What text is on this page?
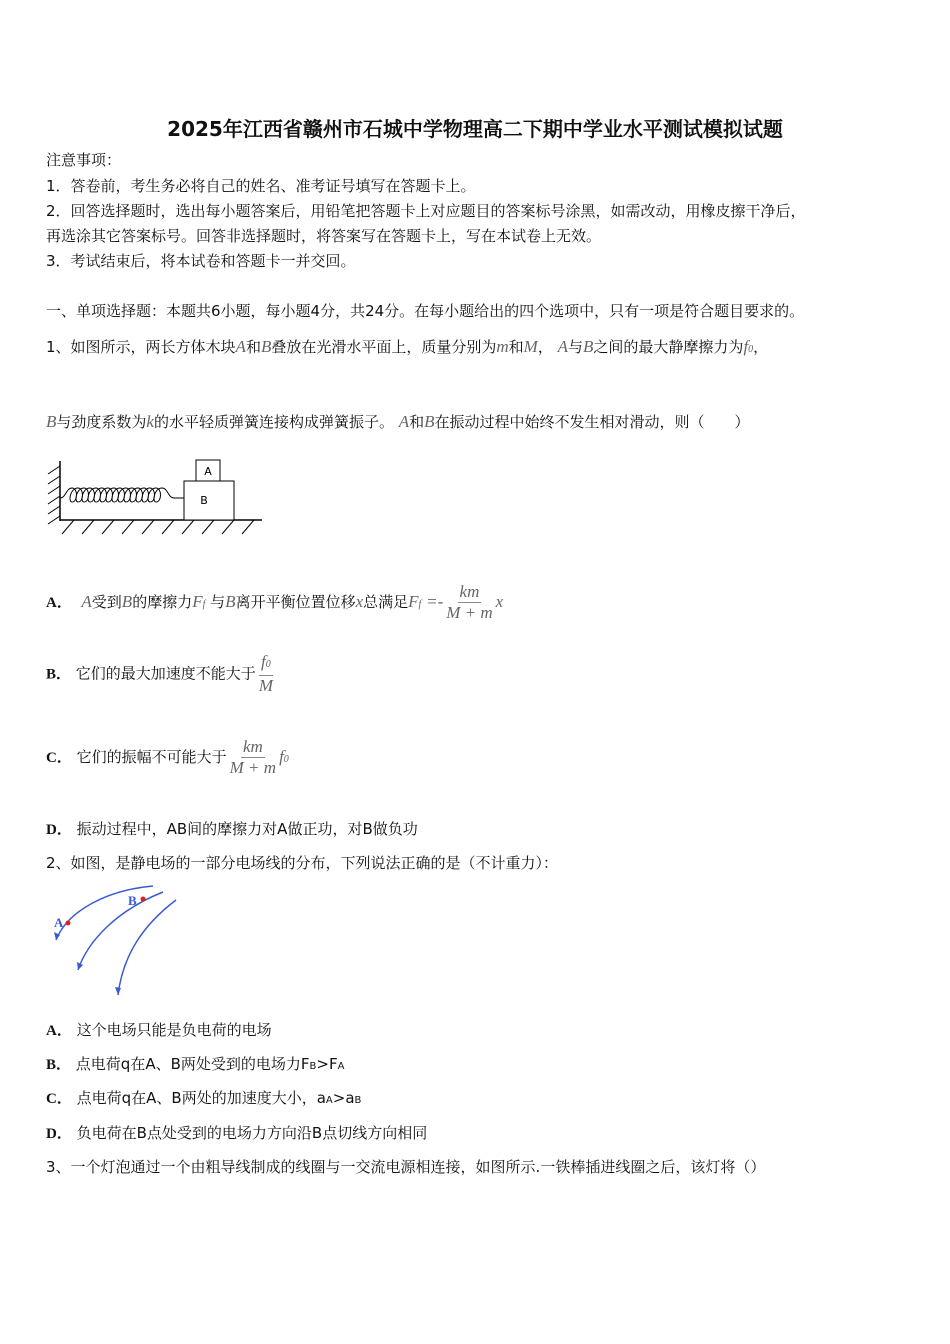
2025年江西省赣州市石城中学物理高二下期中学业水平测试模拟试题
注意事项：
1．答卷前，考生务必将自己的姓名、准考证号填写在答题卡上。
2．回答选择题时，选出每小题答案后，用铅笔把答题卡上对应题目的答案标号涂黑，如需改动，用橡皮擦干净后，
再选涂其它答案标号。回答非选择题时，将答案写在答题卡上，写在本试卷上无效。
3．考试结束后，将本试卷和答题卡一并交回。
一、单项选择题：本题共6小题，每小题4分，共24分。在每小题给出的四个选项中，只有一项是符合题目要求的。
1、如图所示，两长方体木块A和B叠放在光滑水平面上，质量分别为m和M， A与B之间的最大静摩擦力为f0，
B与劲度系数为k的水平轻质弹簧连接构成弹簧振子。 A和B在振动过程中始终不发生相对滑动，则（　　）
A
B
A． A受到B的摩擦力Ff 与B离开平衡位置位移x总满足$Ff =- \frac{km}{M + m}$ x
B． 它们的最大加速度不能大于 $\frac{f0}{M}$
C． 它们的振幅不可能大于 $\frac{km}{M + m} f0$
D． 振动过程中，AB间的摩擦力对A做正功，对B做负功
2、如图，是静电场的一部分电场线的分布，下列说法正确的是（不计重力）：
A
B
A． 这个电场只能是负电荷的电场
B． 点电荷q在A、B两处受到的电场力FB>FA
C． 点电荷q在A、B两处的加速度大小，aA>aB
D． 负电荷在B点处受到的电场力方向沿B点切线方向相同
3、一个灯泡通过一个由粗导线制成的线圈与一交流电源相连接，如图所示.一铁棒插进线圈之后，该灯将（）
